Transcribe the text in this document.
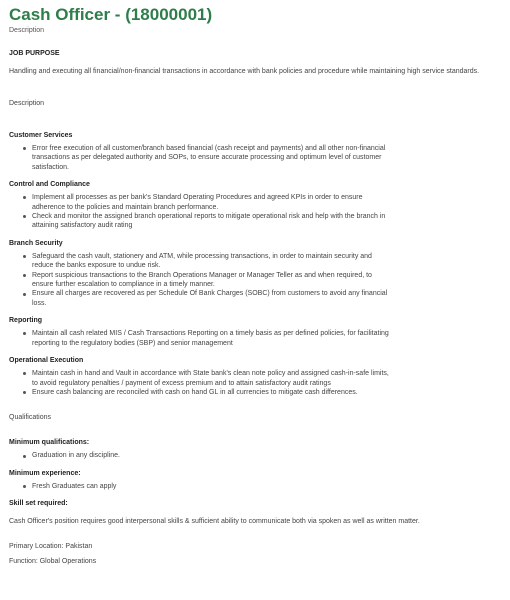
Cash Officer - (18000001)
Description
JOB PURPOSE
Handling and executing all financial/non-financial transactions in accordance with bank policies and procedure while maintaining high service standards.
Description
Customer Services
Error free execution of all customer/branch based financial (cash receipt and payments) and all other non-financial transactions as per delegated authority and SOPs, to ensure accurate processing and optimum level of customer satisfaction.
Control and Compliance
Implement all processes as per bank's Standard Operating Procedures and agreed KPIs in order to ensure adherence to the policies and maintain branch performance.
Check and monitor the assigned branch operational reports to mitigate operational risk and help with the branch in attaining satisfactory audit rating
Branch Security
Safeguard the cash vault, stationery and ATM, while processing transactions, in order to maintain security and reduce the banks exposure to undue risk.
Report suspicious transactions to the Branch Operations Manager or Manager Teller as and when required, to ensure further escalation to compliance in a timely manner.
Ensure all charges are recovered as per Schedule Of Bank Charges (SOBC) from customers to avoid any financial loss.
Reporting
Maintain all cash related MIS / Cash Transactions Reporting on a timely basis as per defined policies, for facilitating reporting to the regulatory bodies (SBP) and senior management
Operational Execution
Maintain cash in hand and Vault in accordance with State bank's clean note policy and assigned cash-in-safe limits, to avoid regulatory penalties / payment of excess premium and to attain satisfactory audit ratings
Ensure cash balancing are reconciled with cash on hand GL in all currencies to mitigate cash differences.
Qualifications
Minimum qualifications:
Graduation in any discipline.
Minimum experience:
Fresh Graduates can apply
Skill set required:
Cash Officer's position requires good interpersonal skills & sufficient ability to communicate both via spoken as well as written matter.
Primary Location: Pakistan
Function: Global Operations
